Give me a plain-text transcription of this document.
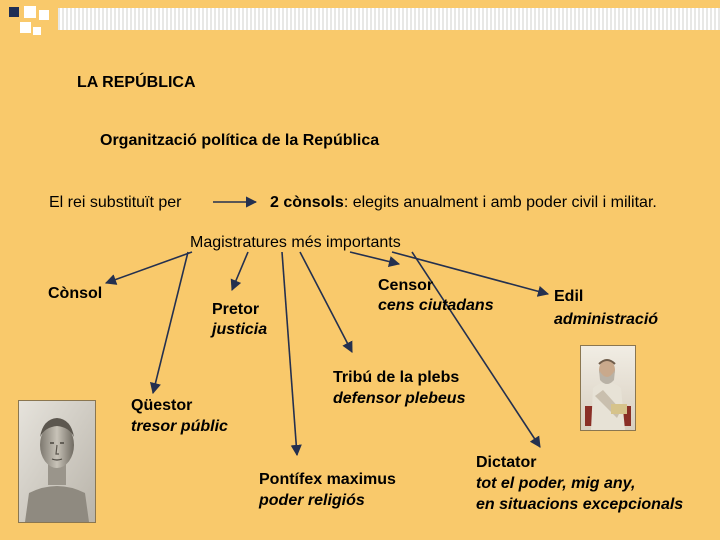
LA REPÚBLICA
Organització política de la República
El rei substituït per	2 cònsols: elegits anualment i amb poder civil i militar.
Magistratures més importants
Cònsol
Pretor
justicia
Censor
cens ciutadans
Edil
administració
Qüestor
tresor públic
Tribú de la plebs
defensor plebeus
Pontífex maximus
poder religiós
Dictator
tot el poder, mig any,
en situacions excepcionals
